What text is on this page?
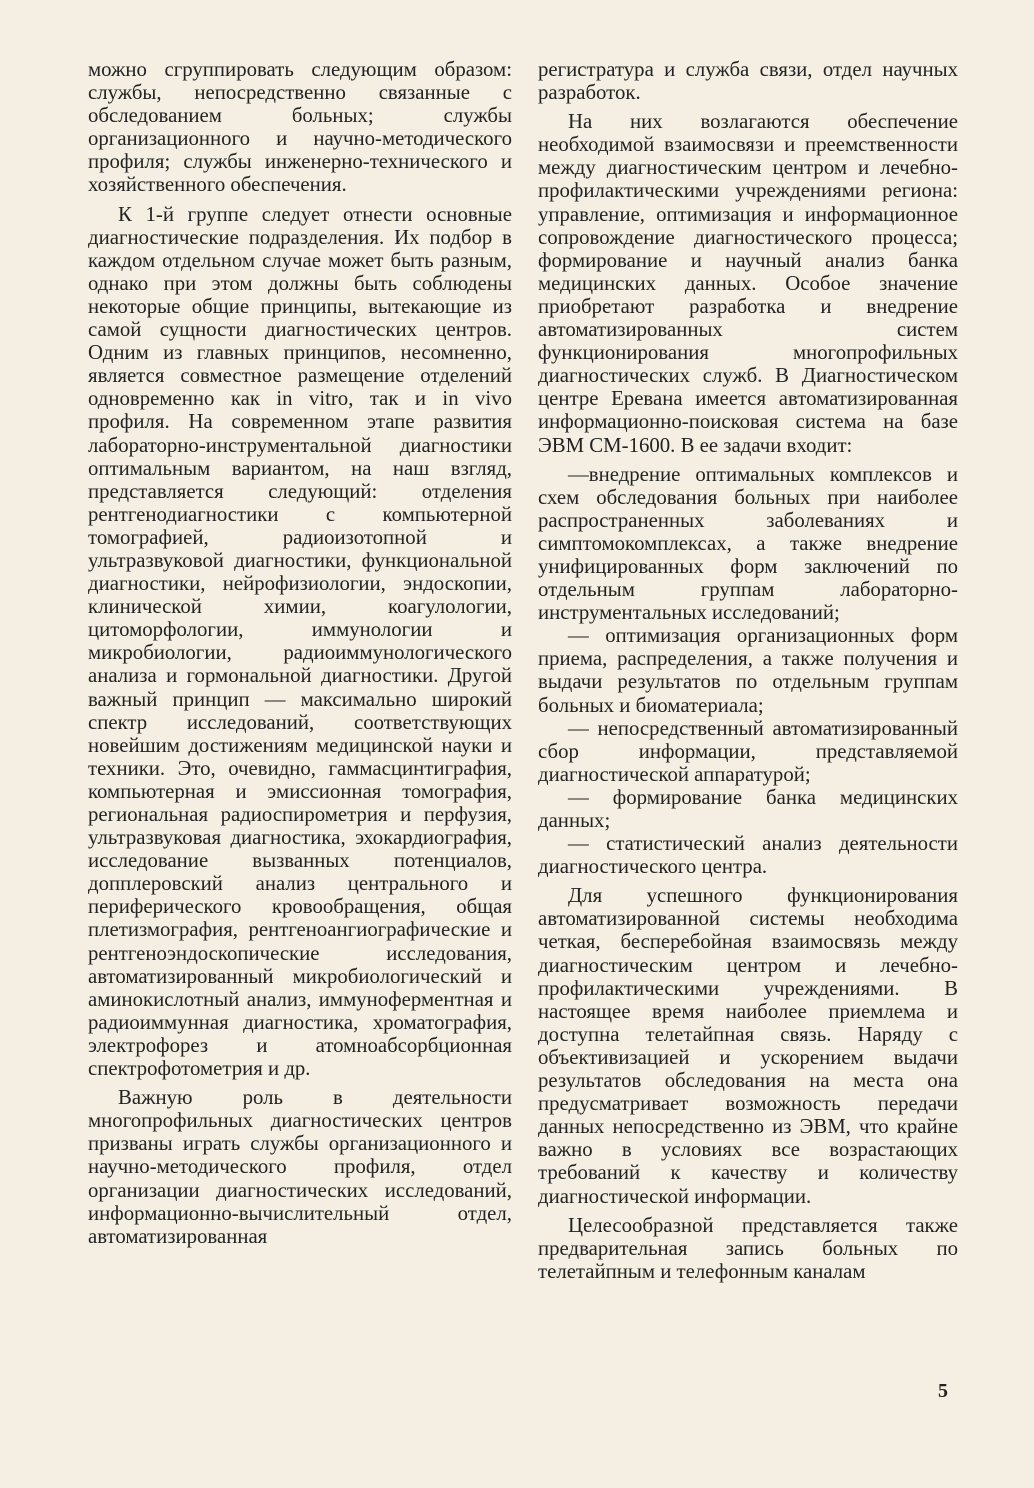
можно сгруппировать следующим образом: службы, непосредственно связанные с обследованием больных; службы организационного и научно-методического профиля; службы инженерно-технического и хозяйственного обеспечения.

К 1-й группе следует отнести основные диагностические подразделения. Их подбор в каждом отдельном случае может быть разным, однако при этом должны быть соблюдены некоторые общие принципы, вытекающие из самой сущности диагностических центров. Одним из главных принципов, несомненно, является совместное размещение отделений одновременно как in vitro, так и in vivo профиля. На современном этапе развития лабораторно-инструментальной диагностики оптимальным вариантом, на наш взгляд, представляется следующий: отделения рентгенодиагностики с компьютерной томографией, радиоизотопной и ультразвуковой диагностики, функциональной диагностики, нейрофизиологии, эндоскопии, клинической химии, коагулологии, цитоморфологии, иммунологии и микробиологии, радиоиммунологического анализа и гормональной диагностики. Другой важный принцип — максимально широкий спектр исследований, соответствующих новейшим достижениям медицинской науки и техники. Это, очевидно, гаммасцинтиграфия, компьютерная и эмиссионная томография, региональная радиоспирометрия и перфузия, ультразвуковая диагностика, эхокардиография, исследование вызванных потенциалов, допплеровский анализ центрального и периферического кровообращения, общая плетизмография, рентгеноангиографические и рентгеноэндоскопические исследования, автоматизированный микробиологический и аминокислотный анализ, иммуноферментная и радиоиммунная диагностика, хроматография, электрофорез и атомноабсорбционная спектрофотометрия и др.

Важную роль в деятельности многопрофильных диагностических центров призваны играть службы организационного и научно-методического профиля, отдел организации диагностических исследований, информационно-вычислительный отдел, автоматизированная

регистратура и служба связи, отдел научных разработок.

На них возлагаются обеспечение необходимой взаимосвязи и преемственности между диагностическим центром и лечебно-профилактическими учреждениями региона: управление, оптимизация и информационное сопровождение диагностического процесса; формирование и научный анализ банка медицинских данных. Особое значение приобретают разработка и внедрение автоматизированных систем функционирования многопрофильных диагностических служб. В Диагностическом центре Еревана имеется автоматизированная информационно-поисковая система на базе ЭВМ СМ-1600. В ее задачи входит:

—внедрение оптимальных комплексов и схем обследования больных при наиболее распространенных заболеваниях и симптомокомплексах, а также внедрение унифицированных форм заключений по отдельным группам лабораторно-инструментальных исследований;

— оптимизация организационных форм приема, распределения, а также получения и выдачи результатов по отдельным группам больных и биоматериала;

— непосредственный автоматизированный сбор информации, представляемой диагностической аппаратурой;

— формирование банка медицинских данных;

— статистический анализ деятельности диагностического центра.

Для успешного функционирования автоматизированной системы необходима четкая, бесперебойная взаимосвязь между диагностическим центром и лечебно-профилактическими учреждениями. В настоящее время наиболее приемлема и доступна телетайпная связь. Наряду с объективизацией и ускорением выдачи результатов обследования на места она предусматривает возможность передачи данных непосредственно из ЭВМ, что крайне важно в условиях все возрастающих требований к качеству и количеству диагностической информации.

Целесообразной представляется также предварительная запись больных по телетайпным и телефонным каналам

5
